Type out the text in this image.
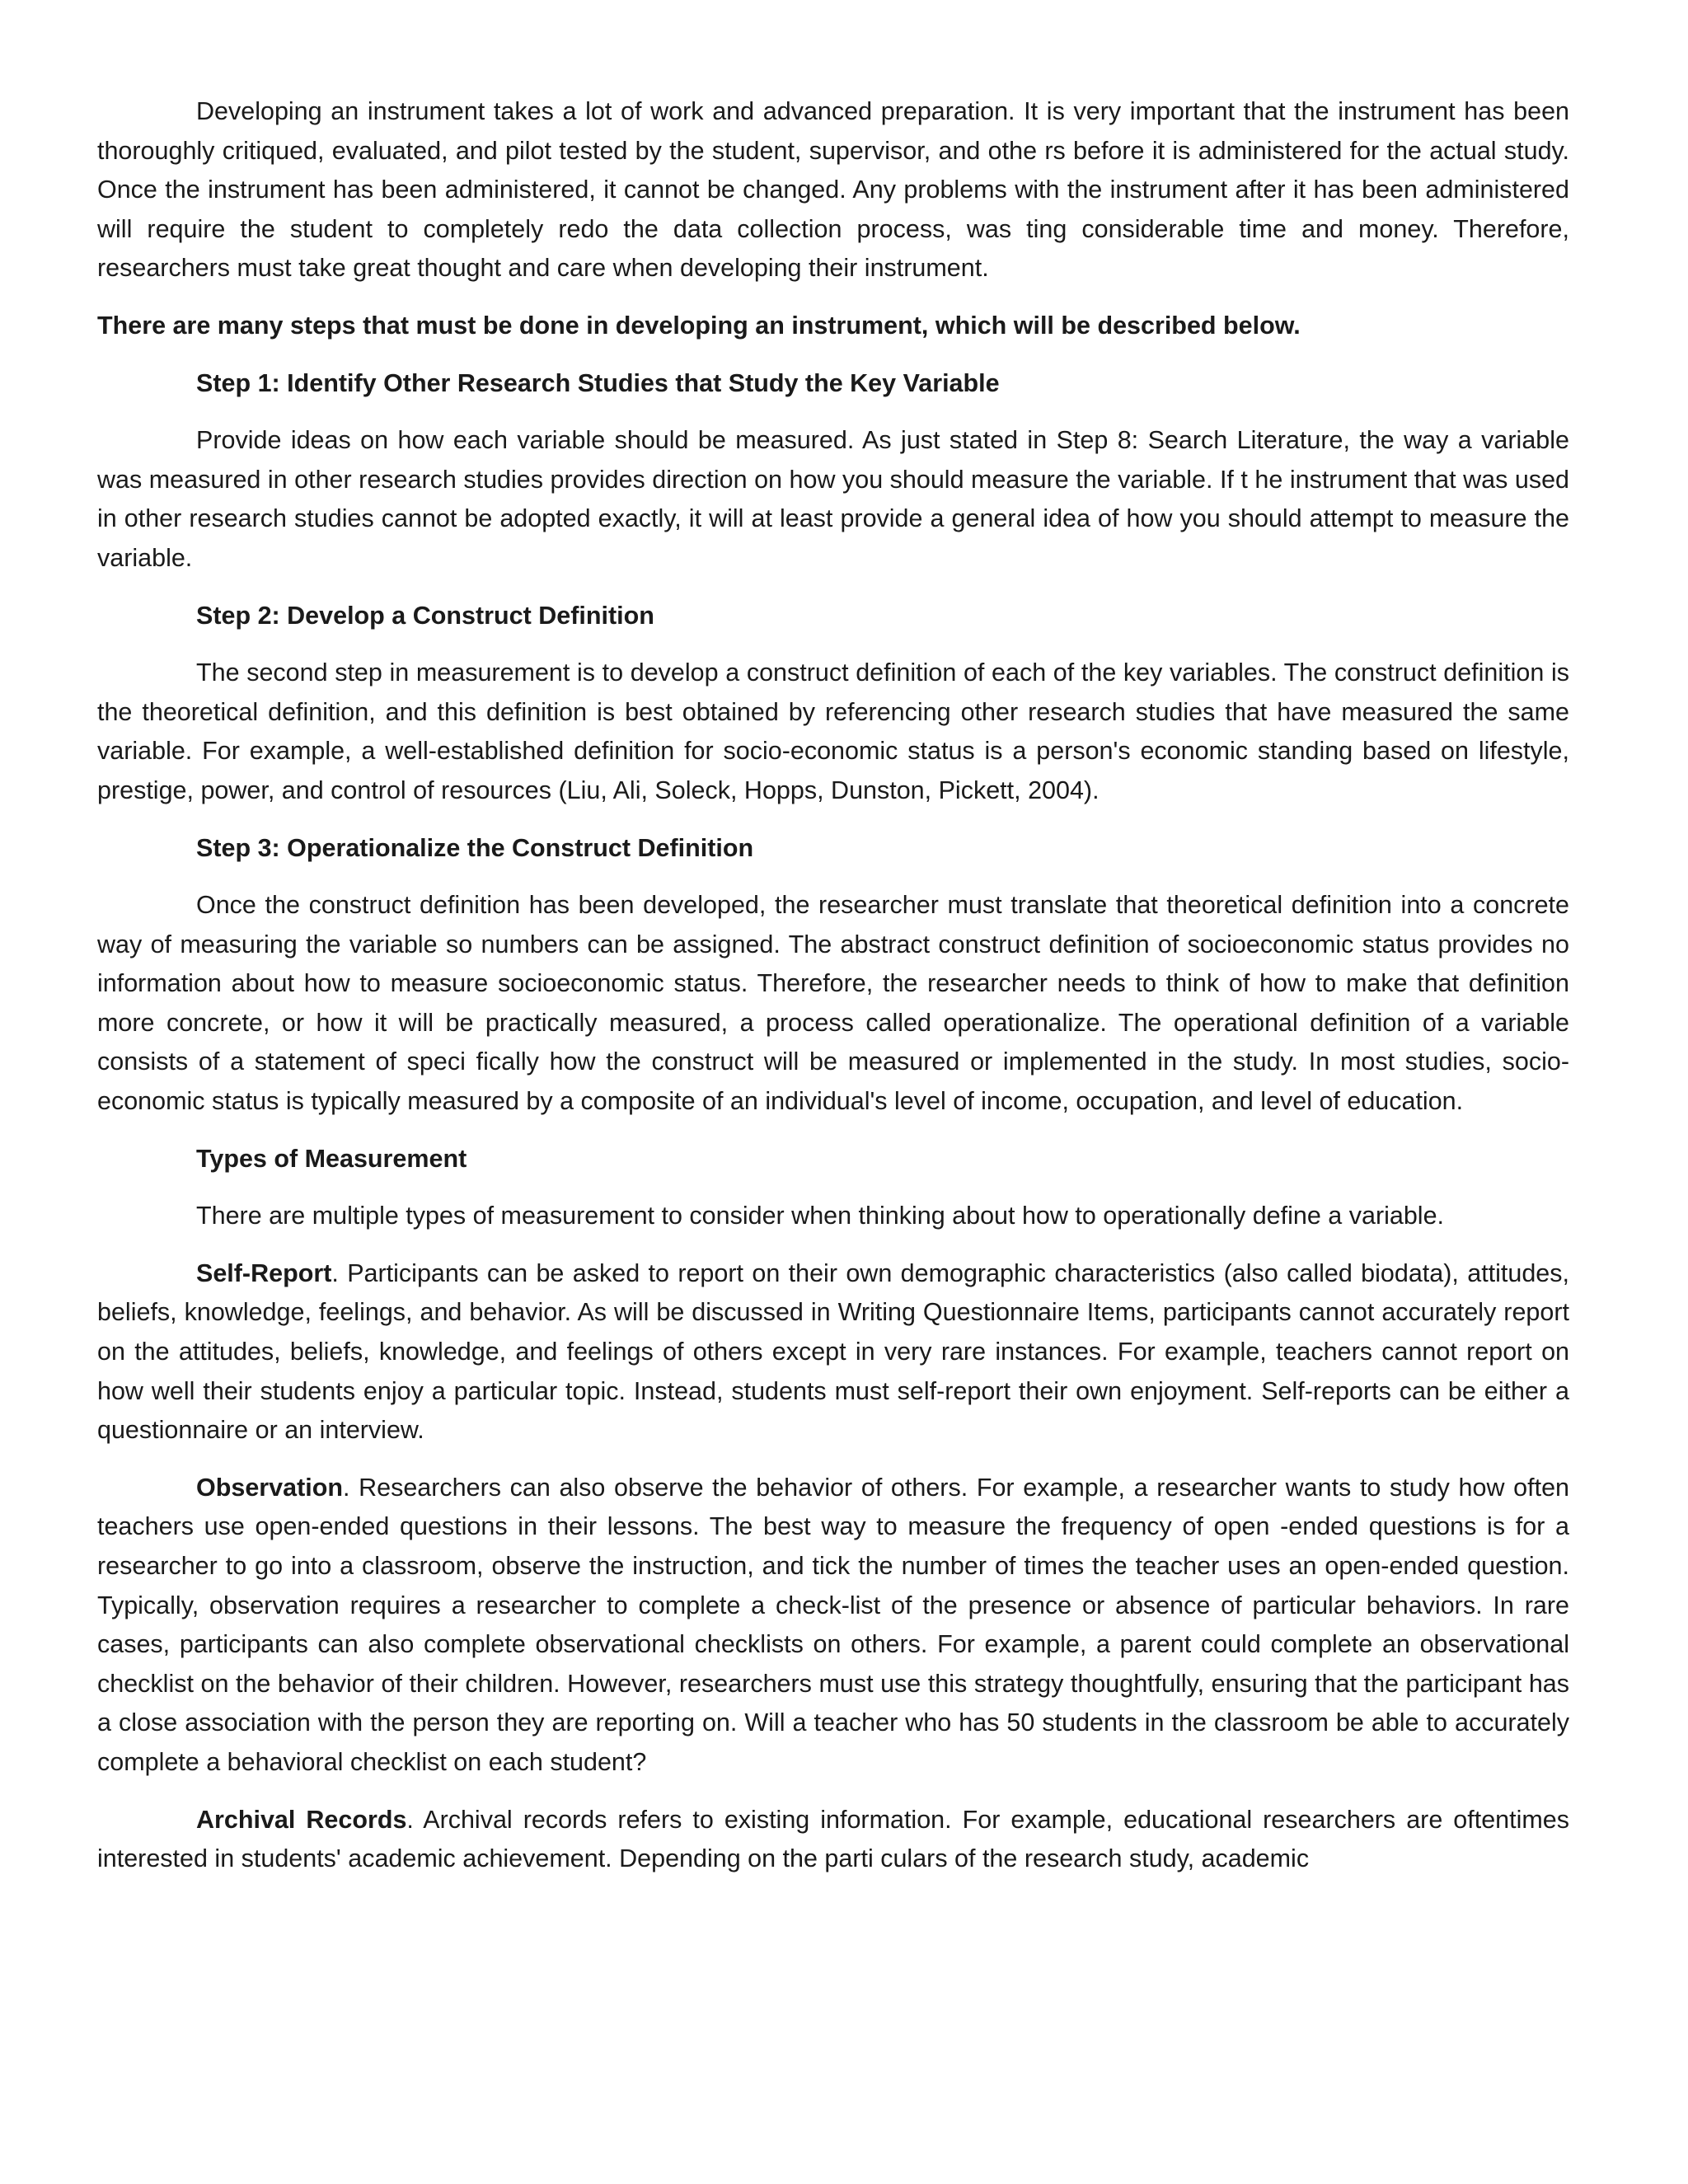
Developing an instrument takes a lot of work and advanced preparation. It is very important that the instrument has been thoroughly critiqued, evaluated, and pilot tested by the student, supervisor, and othe rs before it is administered for the actual study. Once the instrument has been administered, it cannot be changed. Any problems with the instrument after it has been administered will require the student to completely redo the data collection process, was ting considerable time and money. Therefore, researchers must take great thought and care when developing their instrument.

There are many steps that must be done in developing an instrument, which will be described below.

Step 1: Identify Other Research Studies that Study the Key Variable

Provide ideas on how each variable should be measured. As just stated in Step 8: Search Literature, the way a variable was measured in other research studies provides direction on how you should measure the variable. If t he instrument that was used in other research studies cannot be adopted exactly, it will at least provide a general idea of how you should attempt to measure the variable.

Step 2: Develop a Construct Definition

The second step in measurement is to develop a construct definition of each of the key variables. The construct definition is the theoretical definition, and this definition is best obtained by referencing other research studies that have measured the same variable. For example, a well-established definition for socio-economic status is a person's economic standing based on lifestyle, prestige, power, and control of resources (Liu, Ali, Soleck, Hopps, Dunston, Pickett, 2004).

Step 3: Operationalize the Construct Definition

Once the construct definition has been developed, the researcher must translate that theoretical definition into a concrete way of measuring the variable so numbers can be assigned. The abstract construct definition of socioeconomic status provides no information about how to measure socioeconomic status. Therefore, the researcher needs to think of how to make that definition more concrete, or how it will be practically measured, a process called operationalize. The operational definition of a variable consists of a statement of speci fically how the construct will be measured or implemented in the study. In most studies, socio-economic status is typically measured by a composite of an individual's level of income, occupation, and level of education.

Types of Measurement

There are multiple types of measurement to consider when thinking about how to operationally define a variable.

Self-Report. Participants can be asked to report on their own demographic characteristics (also called biodata), attitudes, beliefs, knowledge, feelings, and behavior. As will be discussed in Writing Questionnaire Items, participants cannot accurately report on the attitudes, beliefs, knowledge, and feelings of others except in very rare instances. For example, teachers cannot report on how well their students enjoy a particular topic. Instead, students must self-report their own enjoyment. Self-reports can be either a questionnaire or an interview.

Observation. Researchers can also observe the behavior of others. For example, a researcher wants to study how often teachers use open-ended questions in their lessons. The best way to measure the frequency of open -ended questions is for a researcher to go into a classroom, observe the instruction, and tick the number of times the teacher uses an open-ended question. Typically, observation requires a researcher to complete a check-list of the presence or absence of particular behaviors. In rare cases, participants can also complete observational checklists on others. For example, a parent could complete an observational checklist on the behavior of their children. However, researchers must use this strategy thoughtfully, ensuring that the participant has a close association with the person they are reporting on. Will a teacher who has 50 students in the classroom be able to accurately complete a behavioral checklist on each student?

Archival Records. Archival records refers to existing information. For example, educational researchers are oftentimes interested in students' academic achievement. Depending on the parti culars of the research study, academic
